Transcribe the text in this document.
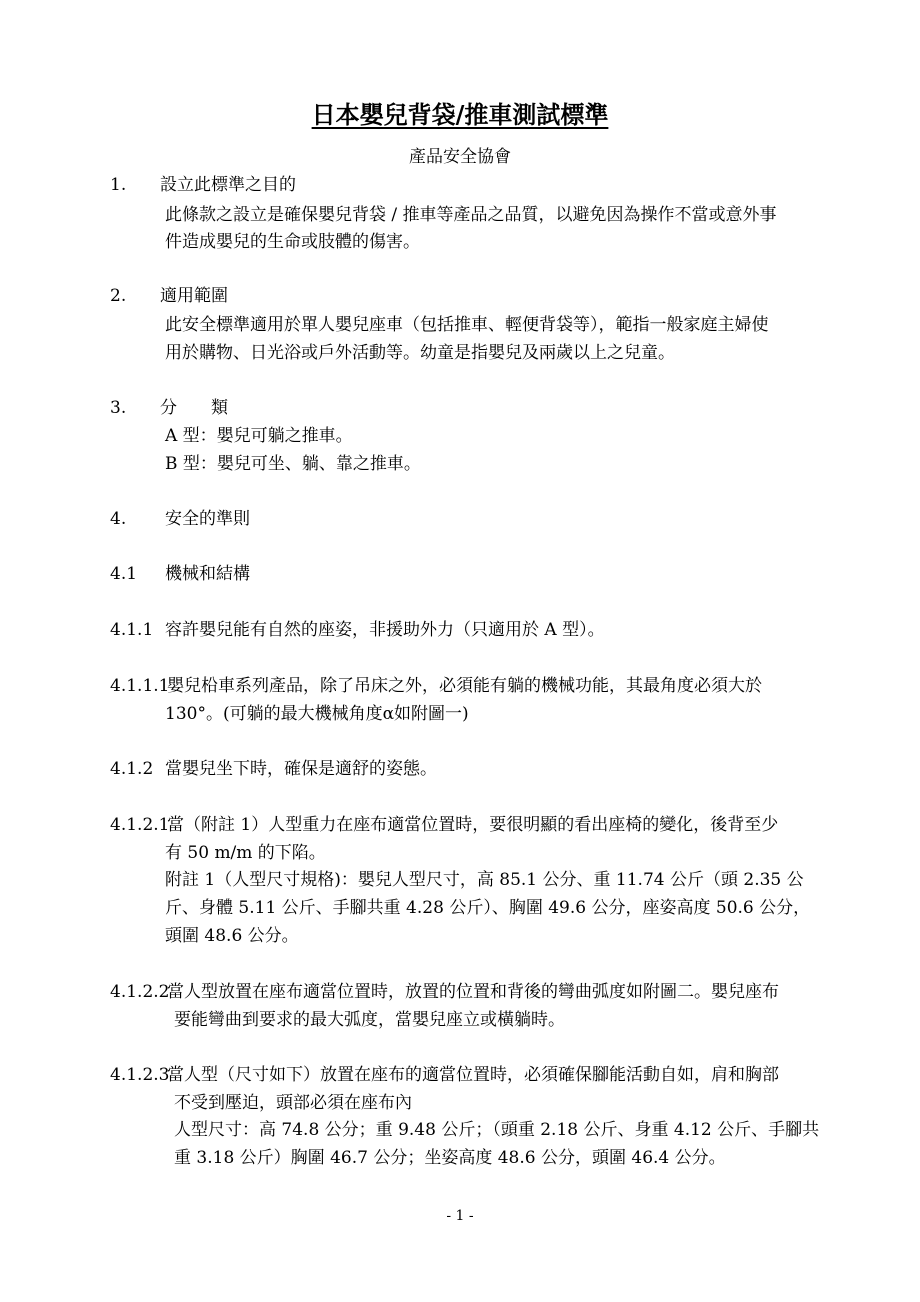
日本嬰兒背袋/推車測試標準
產品安全協會
1. 設立此標準之目的
此條款之設立是確保嬰兒背袋 / 推車等產品之品質，以避免因為操作不當或意外事
件造成嬰兒的生命或肢體的傷害。
2. 適用範圍
此安全標準適用於單人嬰兒座車（包括推車、輕便背袋等），範指一般家庭主婦使
用於購物、日光浴或戶外活動等。幼童是指嬰兒及兩歲以上之兒童。
3. 分　　類
A 型：嬰兒可躺之推車。
B 型：嬰兒可坐、躺、靠之推車。
4. 安全的準則
4.1 機械和結構
4.1.1 容許嬰兒能有自然的座姿，非援助外力（只適用於 A 型）。
4.1.1.1
嬰兒柗車系列產品，除了吊床之外，必須能有躺的機械功能，其最角度必須大於
130°。(可躺的最大機械角度α如附圖一)
4.1.2 當嬰兒坐下時，確保是適舒的姿態。
4.1.2.1
當（附註 1）人型重力在座布適當位置時，要很明顯的看出座椅的變化，後背至少
有 50 m/m 的下陷。
附註 1（人型尺寸規格)：嬰兒人型尺寸，高 85.1 公分、重 11.74 公斤（頭 2.35 公
斤、身體 5.11 公斤、手腳共重 4.28 公斤）、胸圍 49.6 公分，座姿高度 50.6 公分，
頭圍 48.6 公分。
4.1.2.2
當人型放置在座布適當位置時，放置的位置和背後的彎曲弧度如附圖二。嬰兒座布
要能彎曲到要求的最大弧度，當嬰兒座立或橫躺時。
4.1.2.3
當人型（尺寸如下）放置在座布的適當位置時，必須確保腳能活動自如，肩和胸部
不受到壓迫，頭部必須在座布內
人型尺寸：高 74.8 公分；重 9.48 公斤；（頭重 2.18 公斤、身重 4.12 公斤、手腳共
重 3.18 公斤）胸圍 46.7 公分；坐姿高度 48.6 公分，頭圍 46.4 公分。
- 1 -
